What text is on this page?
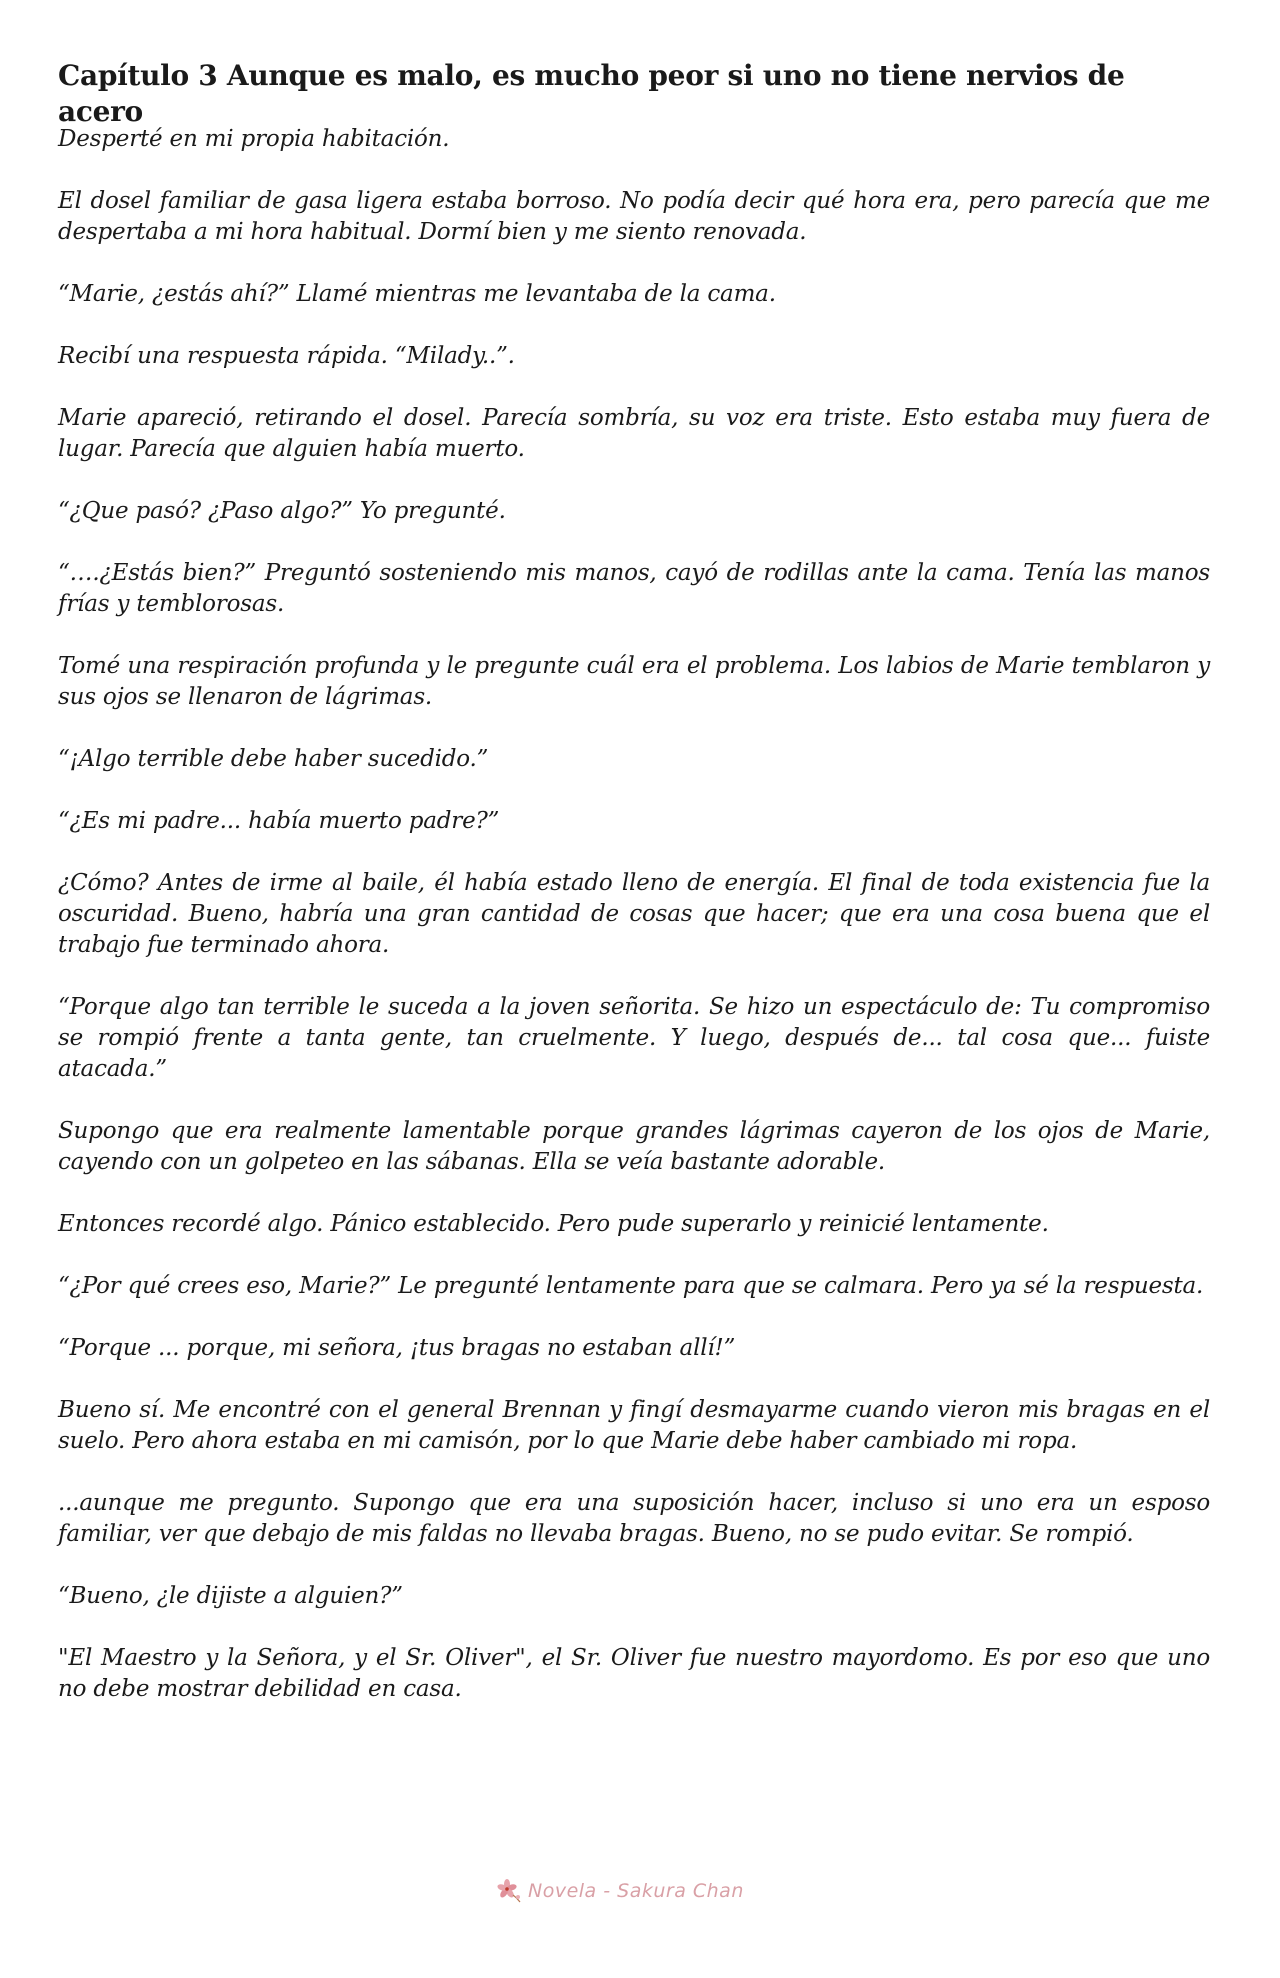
Capítulo 3 Aunque es malo, es mucho peor si uno no tiene nervios de acero

Desperté en mi propia habitación.

El dosel familiar de gasa ligera estaba borroso. No podía decir qué hora era, pero parecía que me despertaba a mi hora habitual. Dormí bien y me siento renovada.

“Marie, ¿estás ahí?” Llamé mientras me levantaba de la cama.

Recibí una respuesta rápida. “Milady..”.

Marie apareció, retirando el dosel. Parecía sombría, su voz era triste. Esto estaba muy fuera de lugar. Parecía que alguien había muerto.

“¿Que pasó? ¿Paso algo?” Yo pregunté.

“….¿Estás bien?” Preguntó sosteniendo mis manos, cayó de rodillas ante la cama. Tenía las manos frías y temblorosas.

Tomé una respiración profunda y le pregunte cuál era el problema. Los labios de Marie temblaron y sus ojos se llenaron de lágrimas.

“¡Algo terrible debe haber sucedido.”

“¿Es mi padre... había muerto padre?”

¿Cómo? Antes de irme al baile, él había estado lleno de energía. El final de toda existencia fue la oscuridad. Bueno, habría una gran cantidad de cosas que hacer; que era una cosa buena que el trabajo fue terminado ahora.

“Porque algo tan terrible le suceda a la joven señorita. Se hizo un espectáculo de: Tu compromiso se rompió frente a tanta gente, tan cruelmente. Y luego, después de... tal cosa que... fuiste atacada.”

Supongo que era realmente lamentable porque grandes lágrimas cayeron de los ojos de Marie, cayendo con un golpeteo en las sábanas. Ella se veía bastante adorable.

Entonces recordé algo. Pánico establecido. Pero pude superarlo y reinicié lentamente.

“¿Por qué crees eso, Marie?” Le pregunté lentamente para que se calmara. Pero ya sé la respuesta.

“Porque ... porque, mi señora, ¡tus bragas no estaban allí!”

Bueno sí. Me encontré con el general Brennan y fingí desmayarme cuando vieron mis bragas en el suelo. Pero ahora estaba en mi camisón, por lo que Marie debe haber cambiado mi ropa.

...aunque me pregunto. Supongo que era una suposición hacer, incluso si uno era un esposo familiar, ver que debajo de mis faldas no llevaba bragas. Bueno, no se pudo evitar. Se rompió.

“Bueno, ¿le dijiste a alguien?”

"El Maestro y la Señora, y el Sr. Oliver", el Sr. Oliver fue nuestro mayordomo. Es por eso que uno no debe mostrar debilidad en casa.

Novela - Sakura Chan
